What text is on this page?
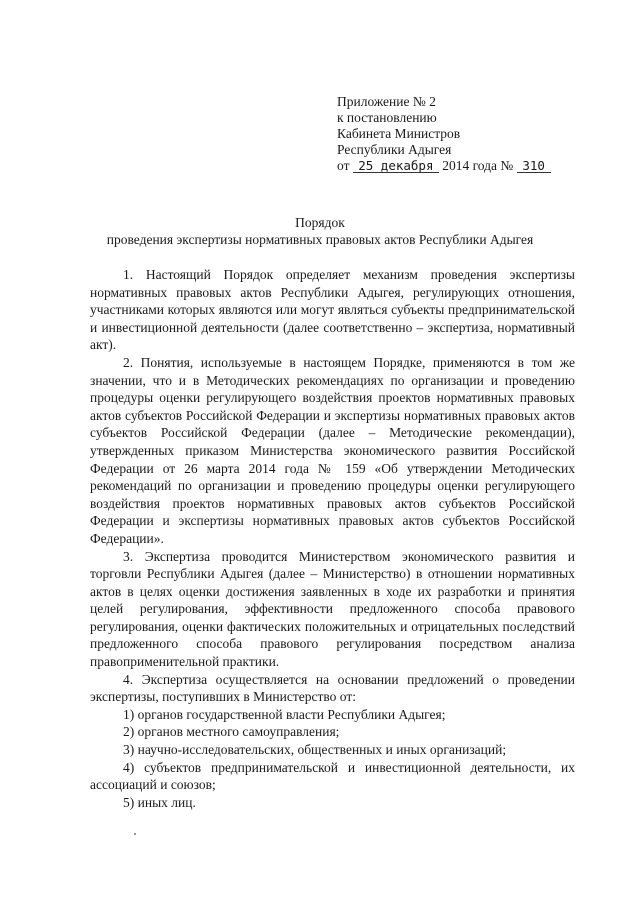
Приложение № 2
к постановлению
Кабинета Министров
Республики Адыгея
от 25 декабря 2014 года № 310
Порядок
проведения экспертизы нормативных правовых актов Республики Адыгея

1. Настоящий Порядок определяет механизм проведения экспертизы нормативных правовых актов Республики Адыгея, регулирующих отношения, участниками которых являются или могут являться субъекты предпринимательской и инвестиционной деятельности (далее соответственно – экспертиза, нормативный акт).

2. Понятия, используемые в настоящем Порядке, применяются в том же значении, что и в Методических рекомендациях по организации и проведению процедуры оценки регулирующего воздействия проектов нормативных правовых актов субъектов Российской Федерации и экспертизы нормативных правовых актов субъектов Российской Федерации (далее – Методические рекомендации), утвержденных приказом Министерства экономического развития Российской Федерации от 26 марта 2014 года № 159 «Об утверждении Методических рекомендаций по организации и проведению процедуры оценки регулирующего воздействия проектов нормативных правовых актов субъектов Российской Федерации и экспертизы нормативных правовых актов субъектов Российской Федерации».

3. Экспертиза проводится Министерством экономического развития и торговли Республики Адыгея (далее – Министерство) в отношении нормативных актов в целях оценки достижения заявленных в ходе их разработки и принятия целей регулирования, эффективности предложенного способа правового регулирования, оценки фактических положительных и отрицательных последствий предложенного способа правового регулирования посредством анализа правоприменительной практики.

4. Экспертиза осуществляется на основании предложений о проведении экспертизы, поступивших в Министерство от:

1) органов государственной власти Республики Адыгея;

2) органов местного самоуправления;

3) научно-исследовательских, общественных и иных организаций;

4) субъектов предпринимательской и инвестиционной деятельности, их ассоциаций и союзов;

5) иных лиц.
